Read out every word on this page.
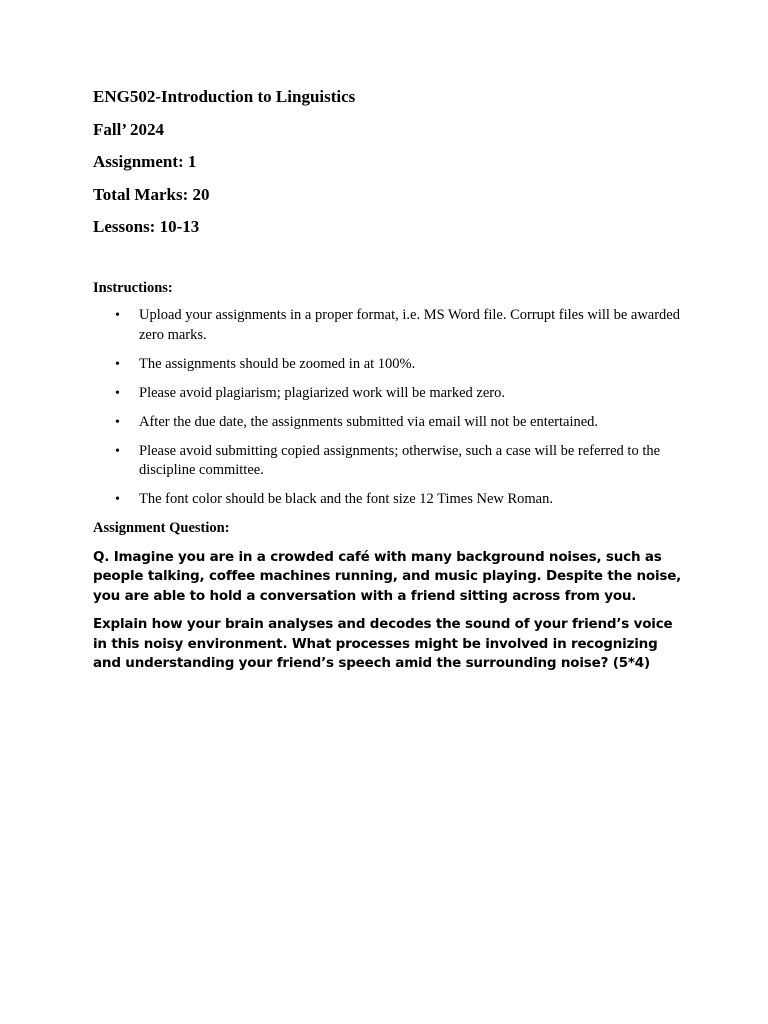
ENG502-Introduction to Linguistics

Fall’ 2024

Assignment: 1

Total Marks: 20

Lessons: 10-13

Instructions:

• Upload your assignments in a proper format, i.e. MS Word file. Corrupt files will be awarded zero marks.
• The assignments should be zoomed in at 100%.
• Please avoid plagiarism; plagiarized work will be marked zero.
• After the due date, the assignments submitted via email will not be entertained.
• Please avoid submitting copied assignments; otherwise, such a case will be referred to the discipline committee.
• The font color should be black and the font size 12 Times New Roman.

Assignment Question:

Q. Imagine you are in a crowded café with many background noises, such as people talking, coffee machines running, and music playing. Despite the noise, you are able to hold a conversation with a friend sitting across from you.

Explain how your brain analyses and decodes the sound of your friend’s voice in this noisy environment. What processes might be involved in recognizing and understanding your friend’s speech amid the surrounding noise? (5*4)
